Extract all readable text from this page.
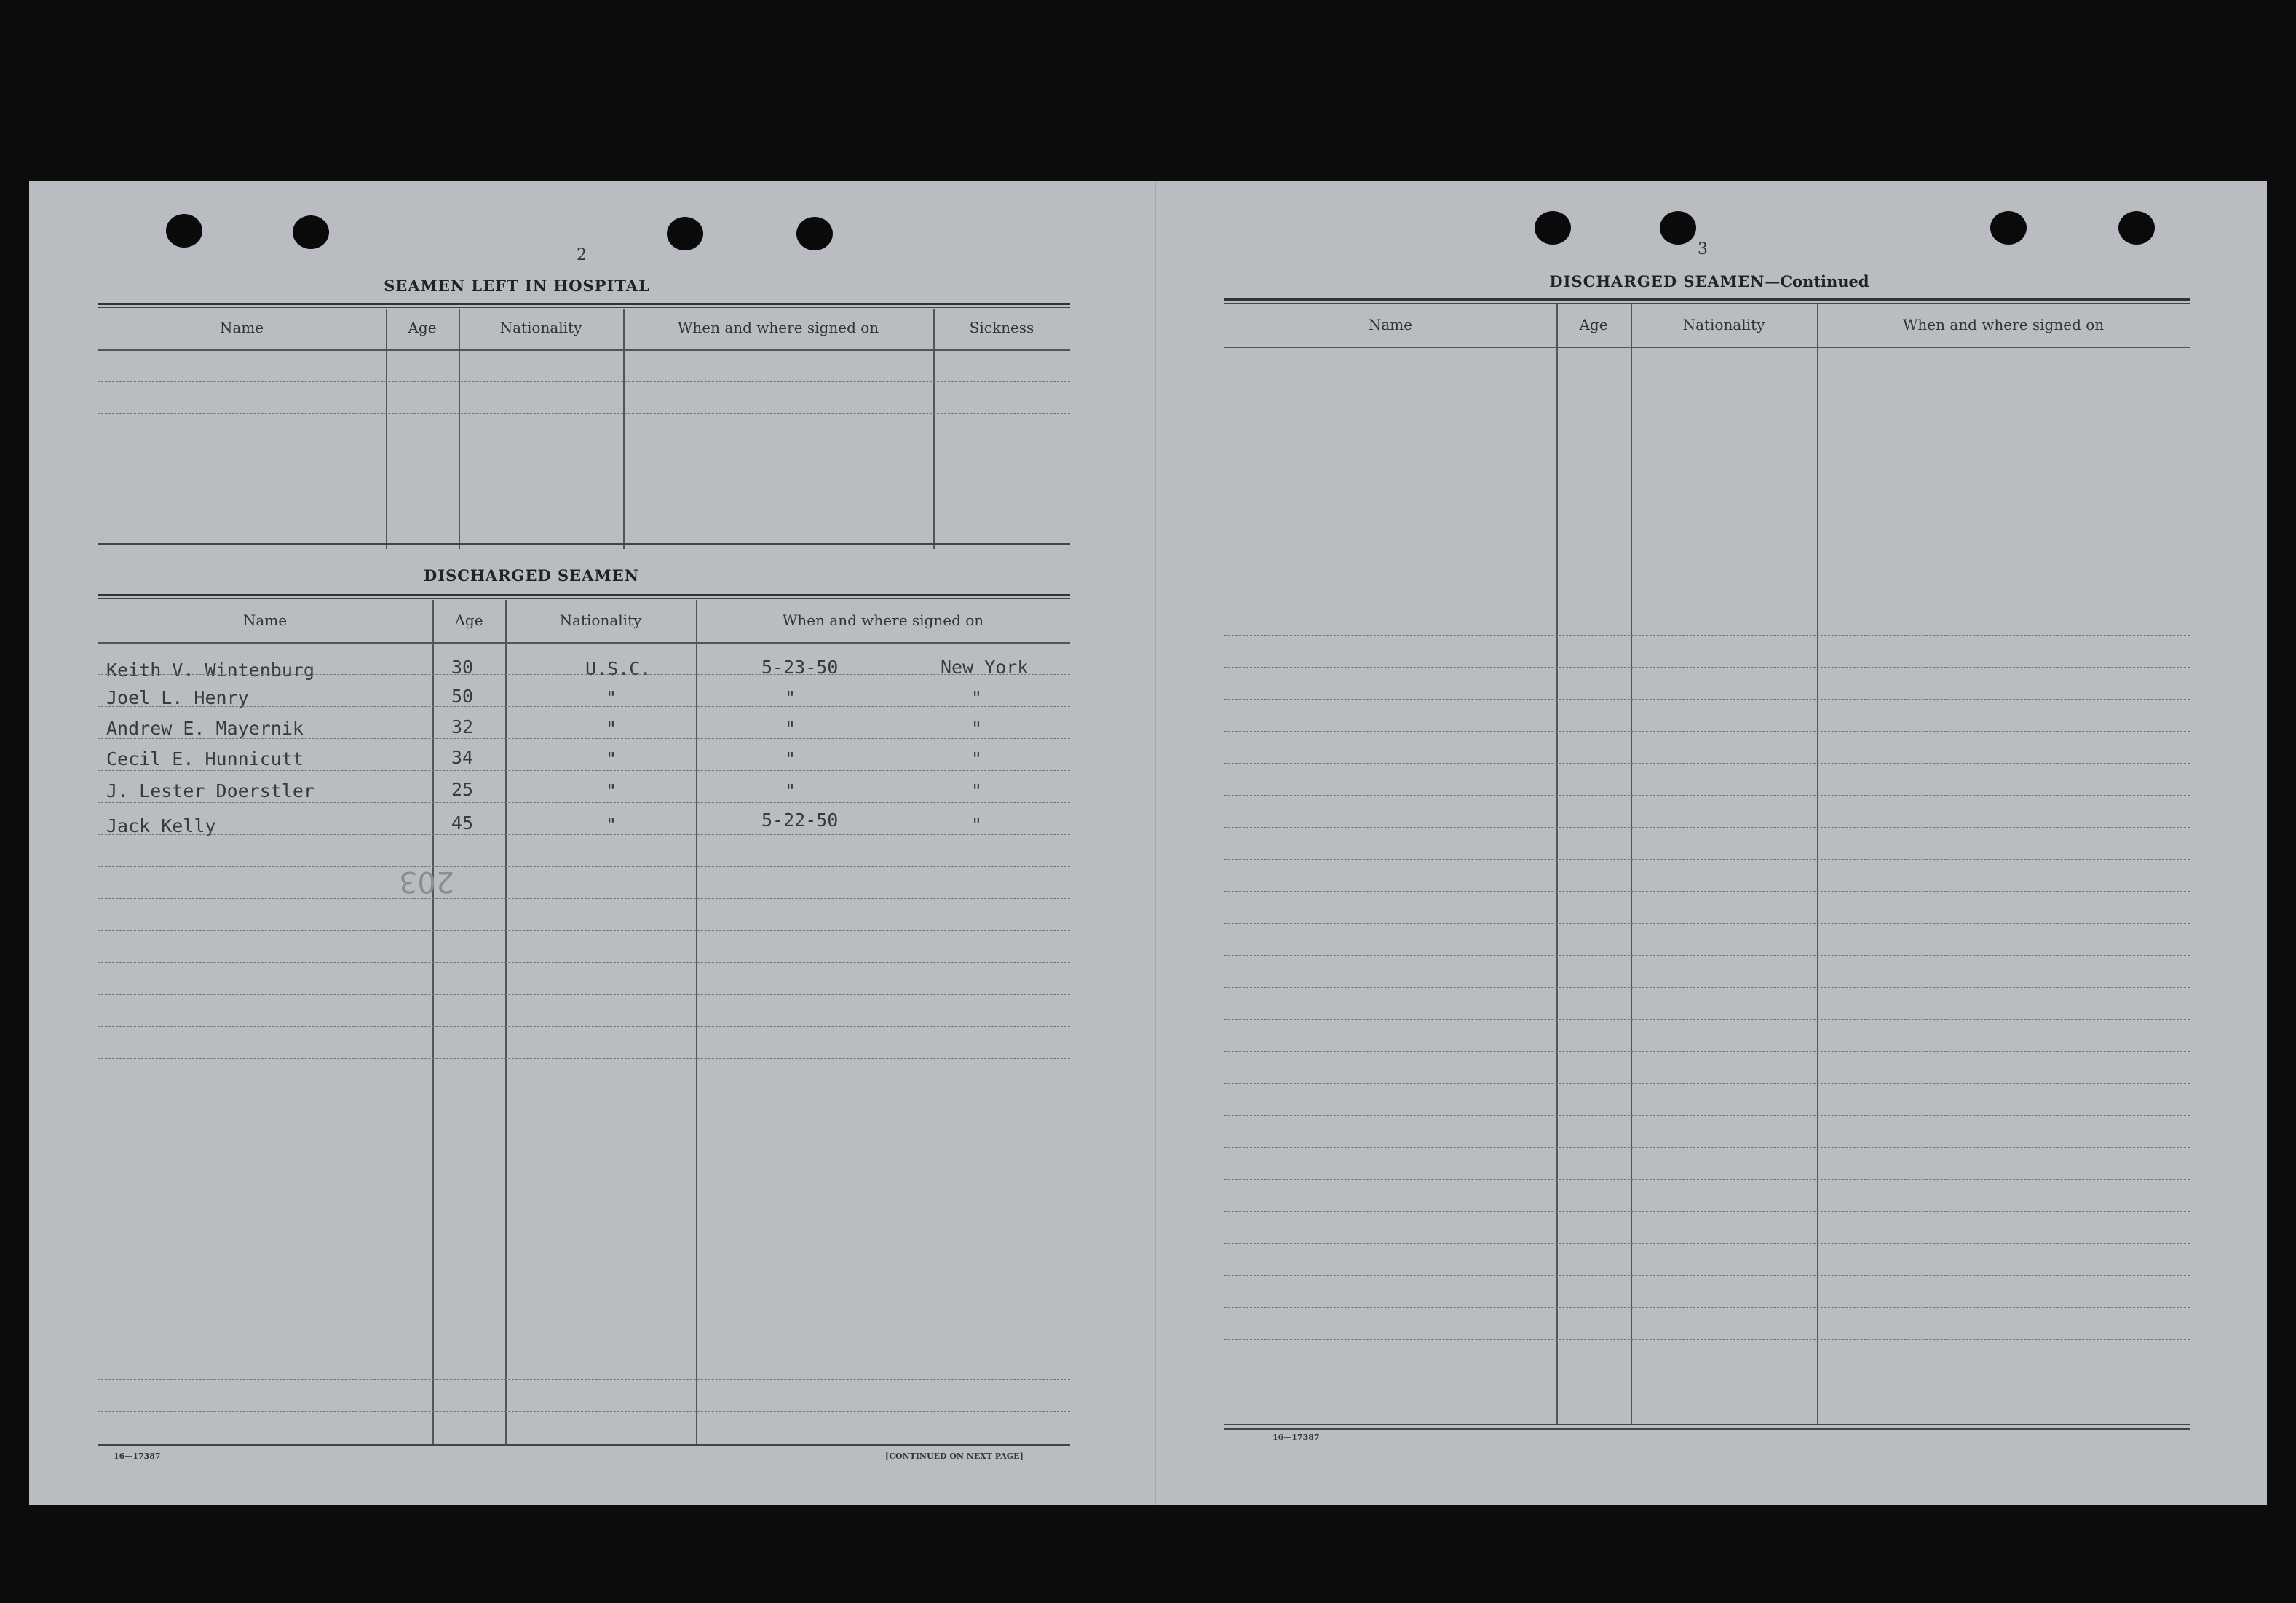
2
SEAMEN LEFT IN HOSPITAL
Name	Age	Nationality	When and where signed on	Sickness
DISCHARGED SEAMEN
Name	Age	Nationality	When and where signed on
Keith V. Wintenburg	30	U.S.C.	5-23-50	New York
Joel L. Henry	50	"	"	"
Andrew E. Mayernik	32	"	"	"
Cecil E. Hunnicutt	34	"	"	"
J. Lester Doerstler	25	"	"	"
Jack Kelly	45	"	5-22-50	"
203
16—17387	[CONTINUED ON NEXT PAGE]
3
DISCHARGED SEAMEN—Continued
Name	Age	Nationality	When and where signed on
16—17387
